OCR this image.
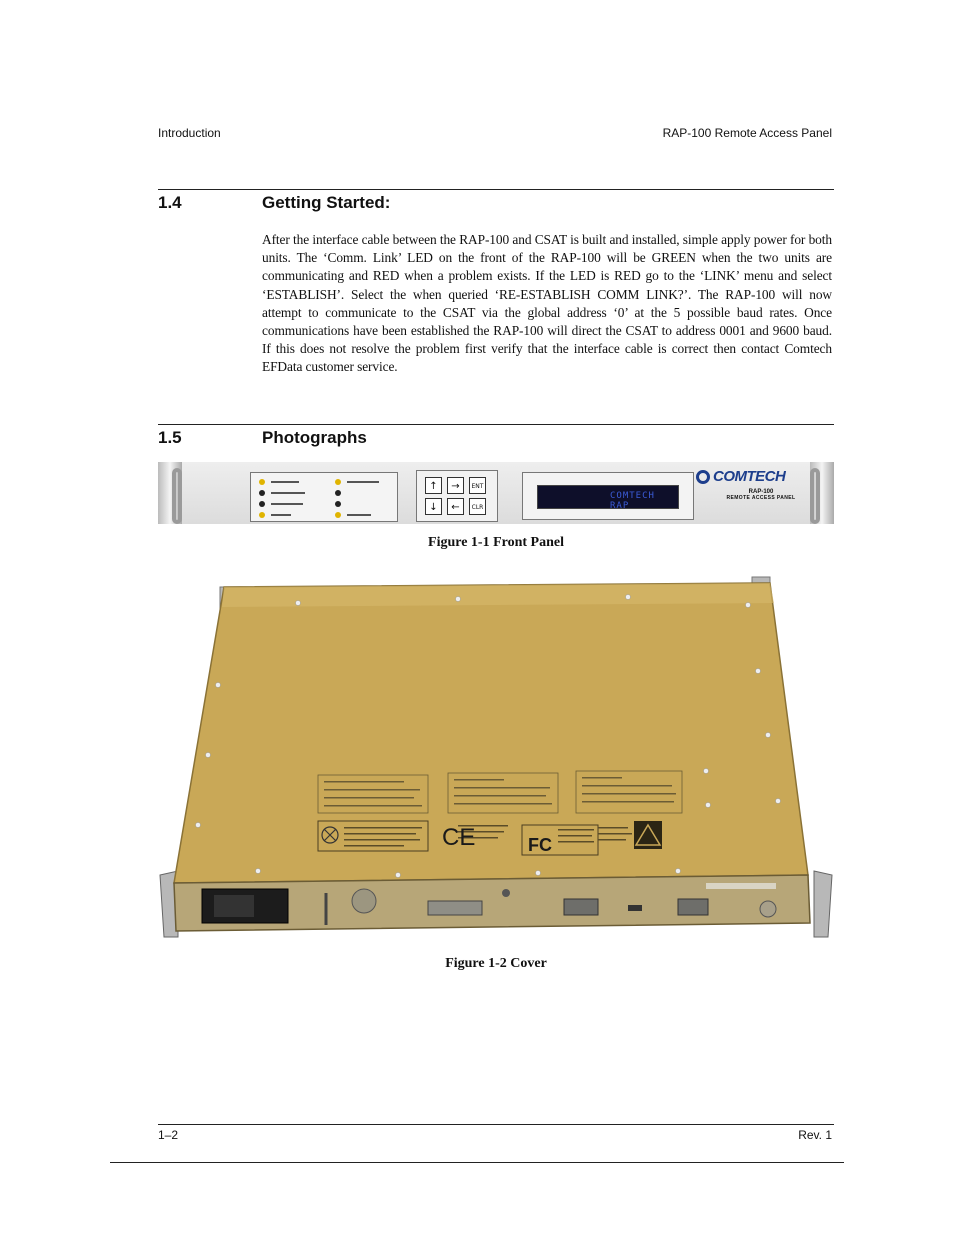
Introduction	RAP-100 Remote Access Panel
1.4	Getting Started:
After the interface cable between the RAP-100 and CSAT is built and installed, simple apply power for both units. The ‘Comm. Link’ LED on the front of the RAP-100 will be GREEN when the two units are communicating and RED when a problem exists. If the LED is RED go to the ‘LINK’ menu and select ‘ESTABLISH’. Select the when queried ‘RE-ESTABLISH COMM LINK?’. The RAP-100 will now attempt to communicate to the CSAT via the global address ‘0’ at the 5 possible baud rates. Once communications have been established the RAP-100 will direct the CSAT to address 0001 and 9600 baud. If this does not resolve the problem first verify that the interface cable is correct then contact Comtech EFData customer service.
1.5	Photographs
↑	→	ENT
↓	←	CLR
COMTECH RAP
COMTECH
RAP-100
REMOTE ACCESS PANEL
Figure 1-1 Front Panel
CE	FC
Figure 1-2 Cover
1–2	Rev. 1
